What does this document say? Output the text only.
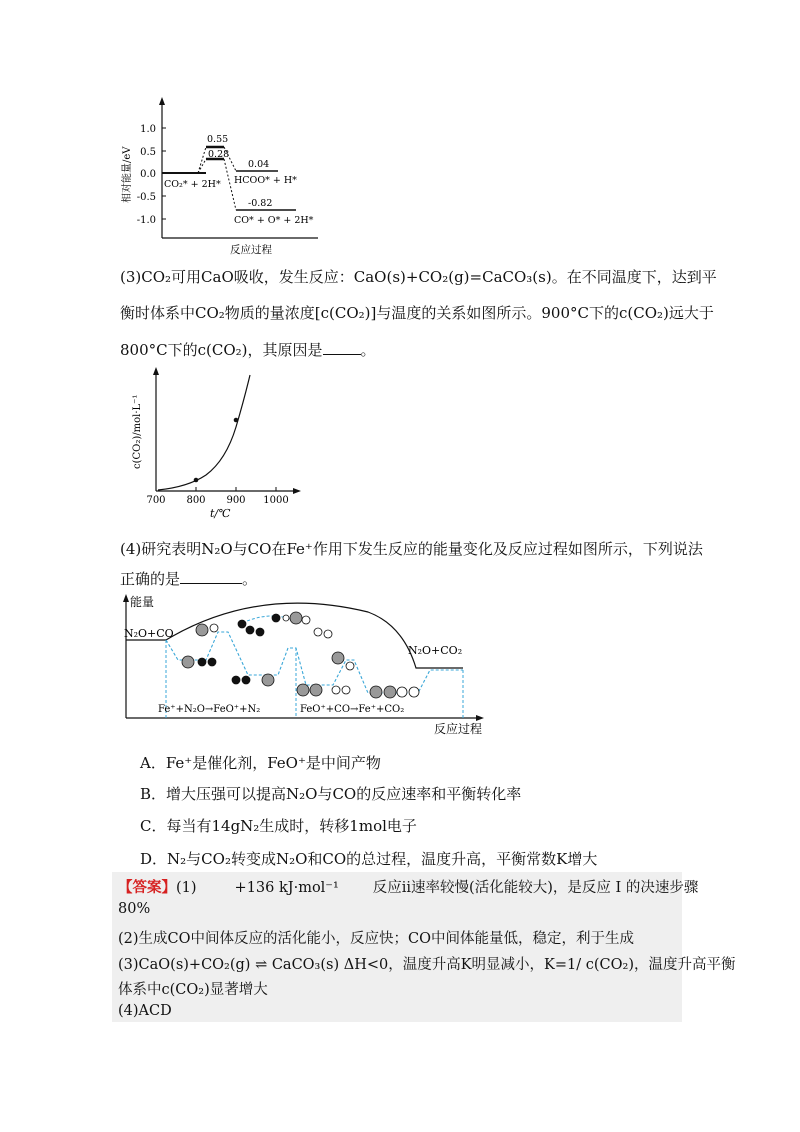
1.0
0.5
0.0
-0.5
-1.0
相对能量/eV
0.55
0.28
0.04
-0.82
CO₂* + 2H* HCOO* + H*
CO* + O* + 2H*
反应过程
(3)CO₂可用CaO吸收，发生反应：CaO(s)+CO₂(g)=CaCO₃(s)。在不同温度下，达到平
衡时体系中CO₂物质的量浓度[c(CO₂)]与温度的关系如图所示。900°C下的c(CO₂)远大于
800°C下的c(CO₂)，其原因是	。
700 800 900 1000
c(CO₂)/mol·L⁻¹
t/℃
(4)研究表明N₂O与CO在Fe⁺作用下发生反应的能量变化及反应过程如图所示，下列说法
正确的是	。
能量
反应过程
N₂O+CO
N₂O+CO₂
Fe⁺+N₂O→FeO⁺+N₂	FeO⁺+CO→Fe⁺+CO₂
A．Fe⁺是催化剂，FeO⁺是中间产物
B．增大压强可以提高N₂O与CO的反应速率和平衡转化率
C．每当有14gN₂生成时，转移1mol电子
D．N₂与CO₂转变成N₂O和CO的总过程，温度升高，平衡常数K增大
【答案】(1)	+136 kJ·mol⁻¹ 反应ii速率较慢(活化能较大)，是反应 I 的决速步骤
80%
(2)生成CO中间体反应的活化能小，反应快；CO中间体能量低，稳定，利于生成
(3)CaO(s)+CO₂(g) ⇌ CaCO₃(s) ΔH<0，温度升高K明显减小，K=1/ c(CO₂)，温度升高平衡
体系中c(CO₂)显著增大
(4)ACD
